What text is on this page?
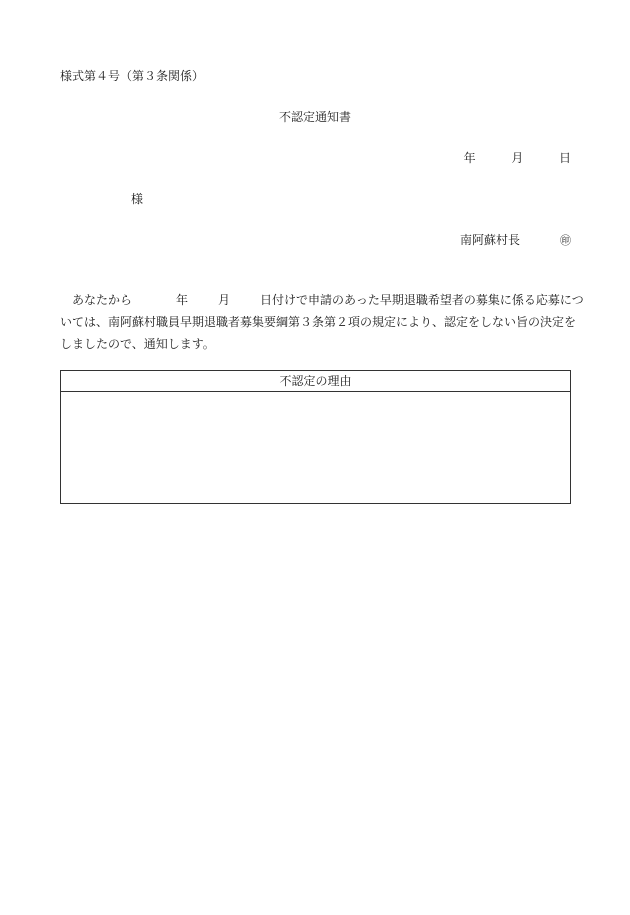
様式第４号（第３条関係）
不認定通知書
年	月	日
様
南阿蘇村長	㊞
あなたから	年	月	日付けで申請のあった早期退職希望者の募集に係る応募につ
いては、南阿蘇村職員早期退職者募集要綱第３条第２項の規定により、認定をしない旨の決定を
しましたので、通知します。
不認定の理由
